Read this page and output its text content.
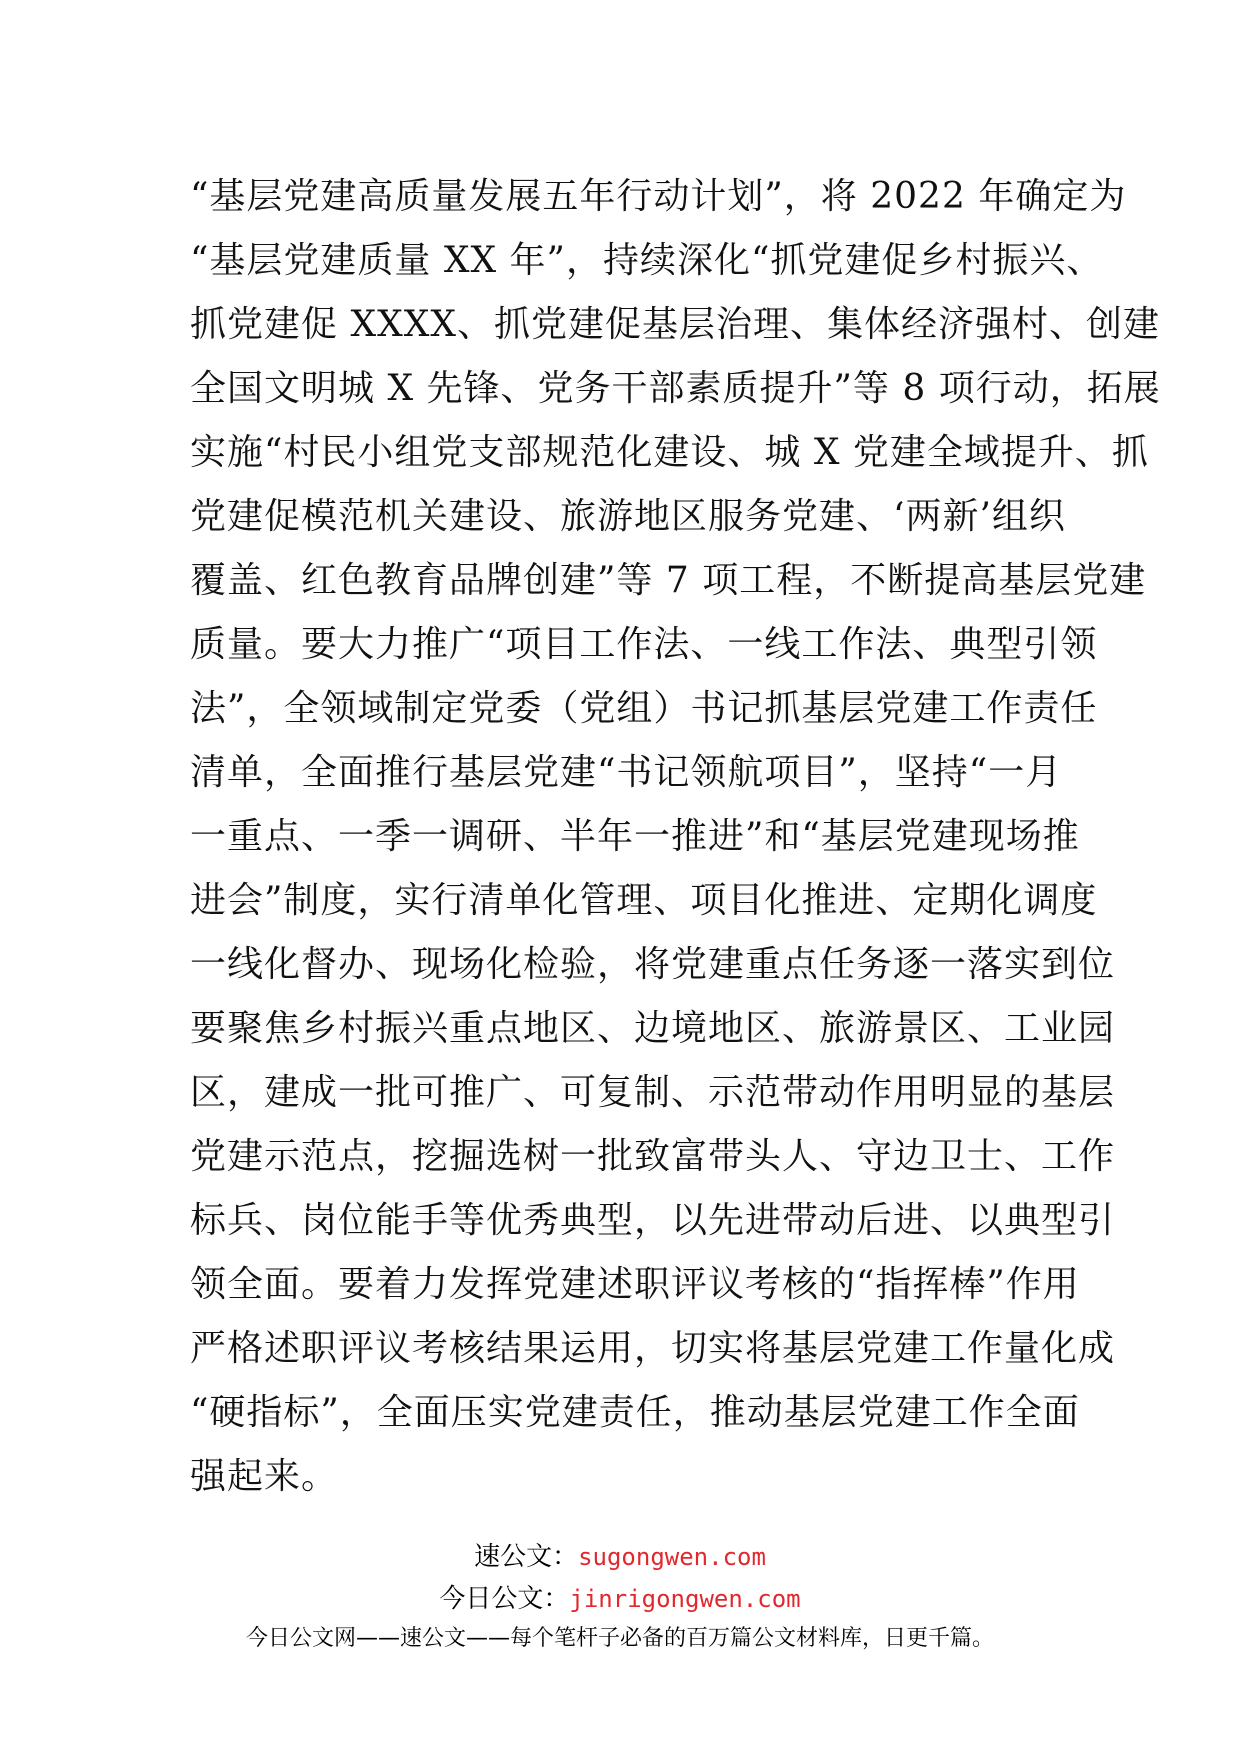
“基层党建高质量发展五年行动计划”，将 2022 年确定为
“基层党建质量 XX 年”，持续深化“抓党建促乡村振兴、
抓党建促 XXXX、抓党建促基层治理、集体经济强村、创建
全国文明城 X 先锋、党务干部素质提升”等 8 项行动，拓展
实施“村民小组党支部规范化建设、城 X 党建全域提升、抓
党建促模范机关建设、旅游地区服务党建、‘两新’组织
覆盖、红色教育品牌创建”等 7 项工程，不断提高基层党建
质量。要大力推广“项目工作法、一线工作法、典型引领
法”，全领域制定党委（党组）书记抓基层党建工作责任
清单，全面推行基层党建“书记领航项目”，坚持“一月
一重点、一季一调研、半年一推进”和“基层党建现场推
进会”制度，实行清单化管理、项目化推进、定期化调度
一线化督办、现场化检验，将党建重点任务逐一落实到位
要聚焦乡村振兴重点地区、边境地区、旅游景区、工业园
区，建成一批可推广、可复制、示范带动作用明显的基层
党建示范点，挖掘选树一批致富带头人、守边卫士、工作
标兵、岗位能手等优秀典型，以先进带动后进、以典型引
领全面。要着力发挥党建述职评议考核的“指挥棒”作用
严格述职评议考核结果运用，切实将基层党建工作量化成
“硬指标”，全面压实党建责任，推动基层党建工作全面
强起来。
速公文：sugongwen.com
今日公文：jinrigongwen.com
今日公文网——速公文——每个笔杆子必备的百万篇公文材料库，日更千篇。
